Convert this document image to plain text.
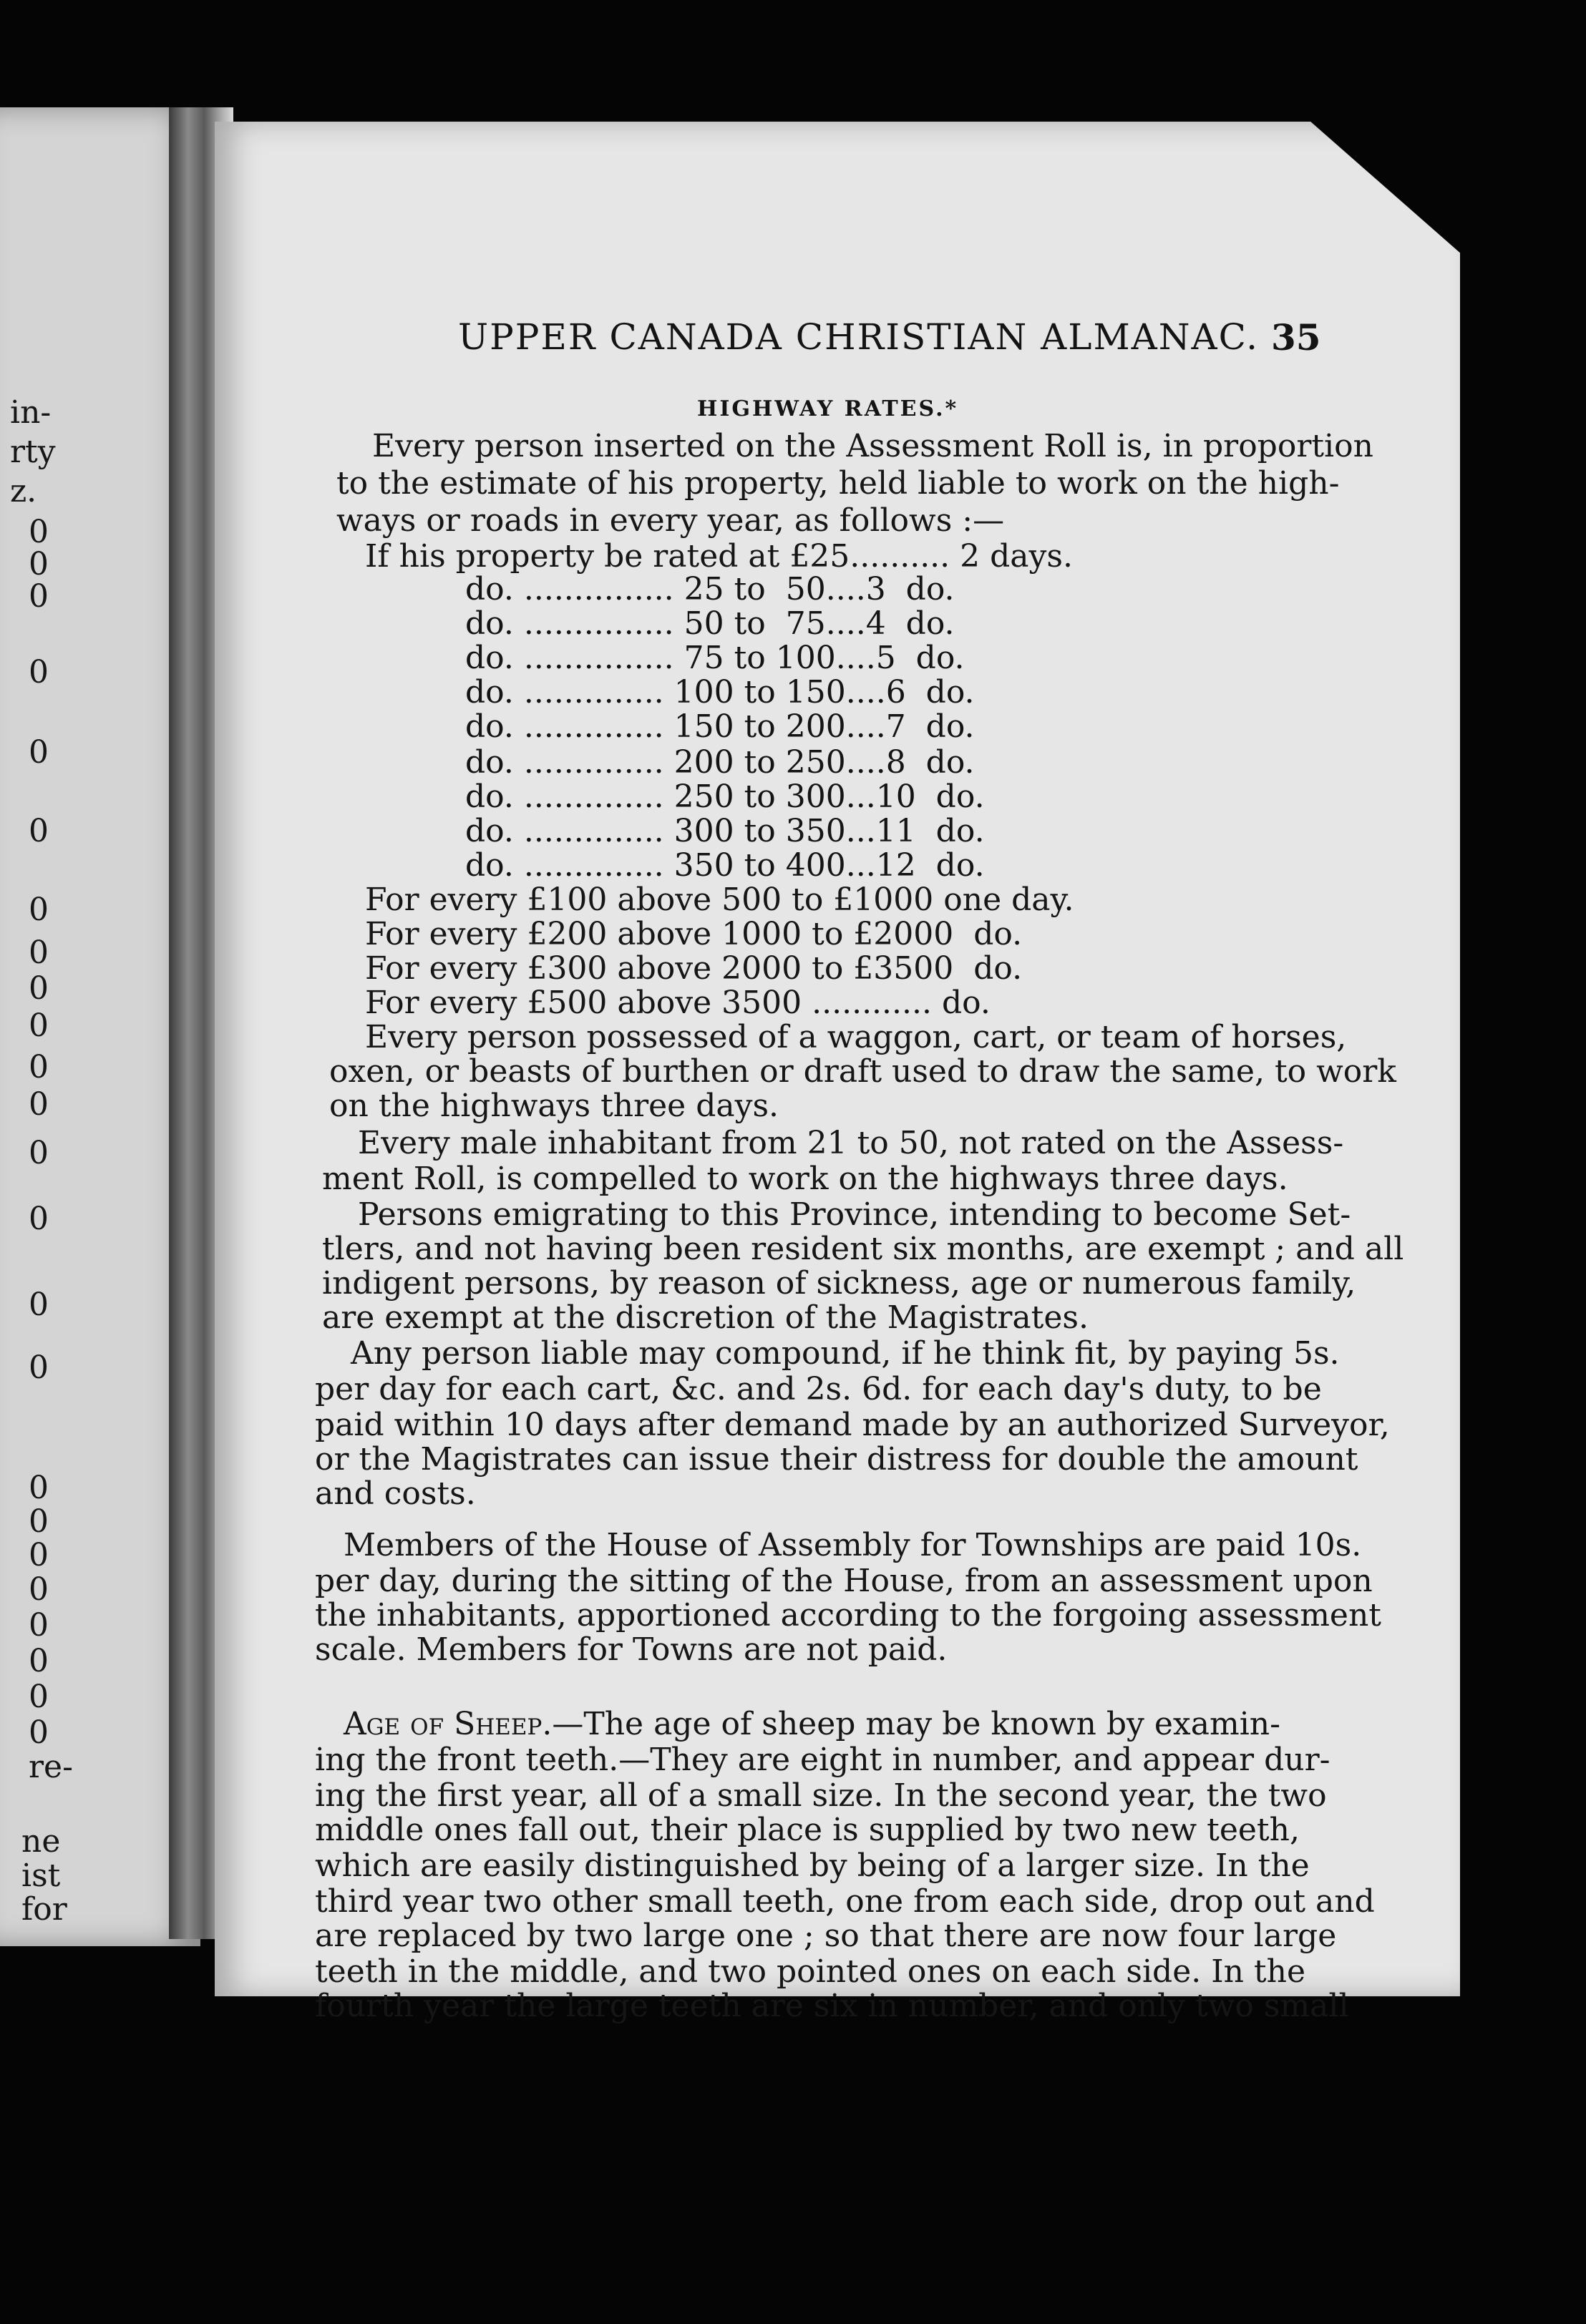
in-
rty
z.
0
0
0
0
0
0
0
0
0
0
0
0
0
0
0
0
0
0
0
0
0
0
0
0
re-
ne
ist
for
UPPER CANADA CHRISTIAN ALMANAC. 35
HIGHWAY RATES.*
Every person inserted on the Assessment Roll is, in proportion
to the estimate of his property, held liable to work on the high-
ways or roads in every year, as follows :—
If his property be rated at £25.......... 2 days.
do. ............... 25 to  50....3  do.
do. ............... 50 to  75....4  do.
do. ............... 75 to 100....5  do.
do. .............. 100 to 150....6  do.
do. .............. 150 to 200....7  do.
do. .............. 200 to 250....8  do.
do. .............. 250 to 300...10  do.
do. .............. 300 to 350...11  do.
do. .............. 350 to 400...12  do.
For every £100 above 500 to £1000 one day.
For every £200 above 1000 to £2000  do.
For every £300 above 2000 to £3500  do.
For every £500 above 3500 ............ do.
Every person possessed of a waggon, cart, or team of horses,
oxen, or beasts of burthen or draft used to draw the same, to work
on the highways three days.
Every male inhabitant from 21 to 50, not rated on the Assess-
ment Roll, is compelled to work on the highways three days.
Persons emigrating to this Province, intending to become Set-
tlers, and not having been resident six months, are exempt ; and all
indigent persons, by reason of sickness, age or numerous family,
are exempt at the discretion of the Magistrates.
Any person liable may compound, if he think fit, by paying 5s.
per day for each cart, &c. and 2s. 6d. for each day's duty, to be
paid within 10 days after demand made by an authorized Surveyor,
or the Magistrates can issue their distress for double the amount
and costs.
Members of the House of Assembly for Townships are paid 10s.
per day, during the sitting of the House, from an assessment upon
the inhabitants, apportioned according to the forgoing assessment
scale. Members for Towns are not paid.
Age of Sheep.—The age of sheep may be known by examin-
ing the front teeth.—They are eight in number, and appear dur-
ing the first year, all of a small size. In the second year, the two
middle ones fall out, their place is supplied by two new teeth,
which are easily distinguished by being of a larger size. In the
third year two other small teeth, one from each side, drop out and
are replaced by two large one ; so that there are now four large
teeth in the middle, and two pointed ones on each side. In the
fourth year the large teeth are six in number, and only two small
